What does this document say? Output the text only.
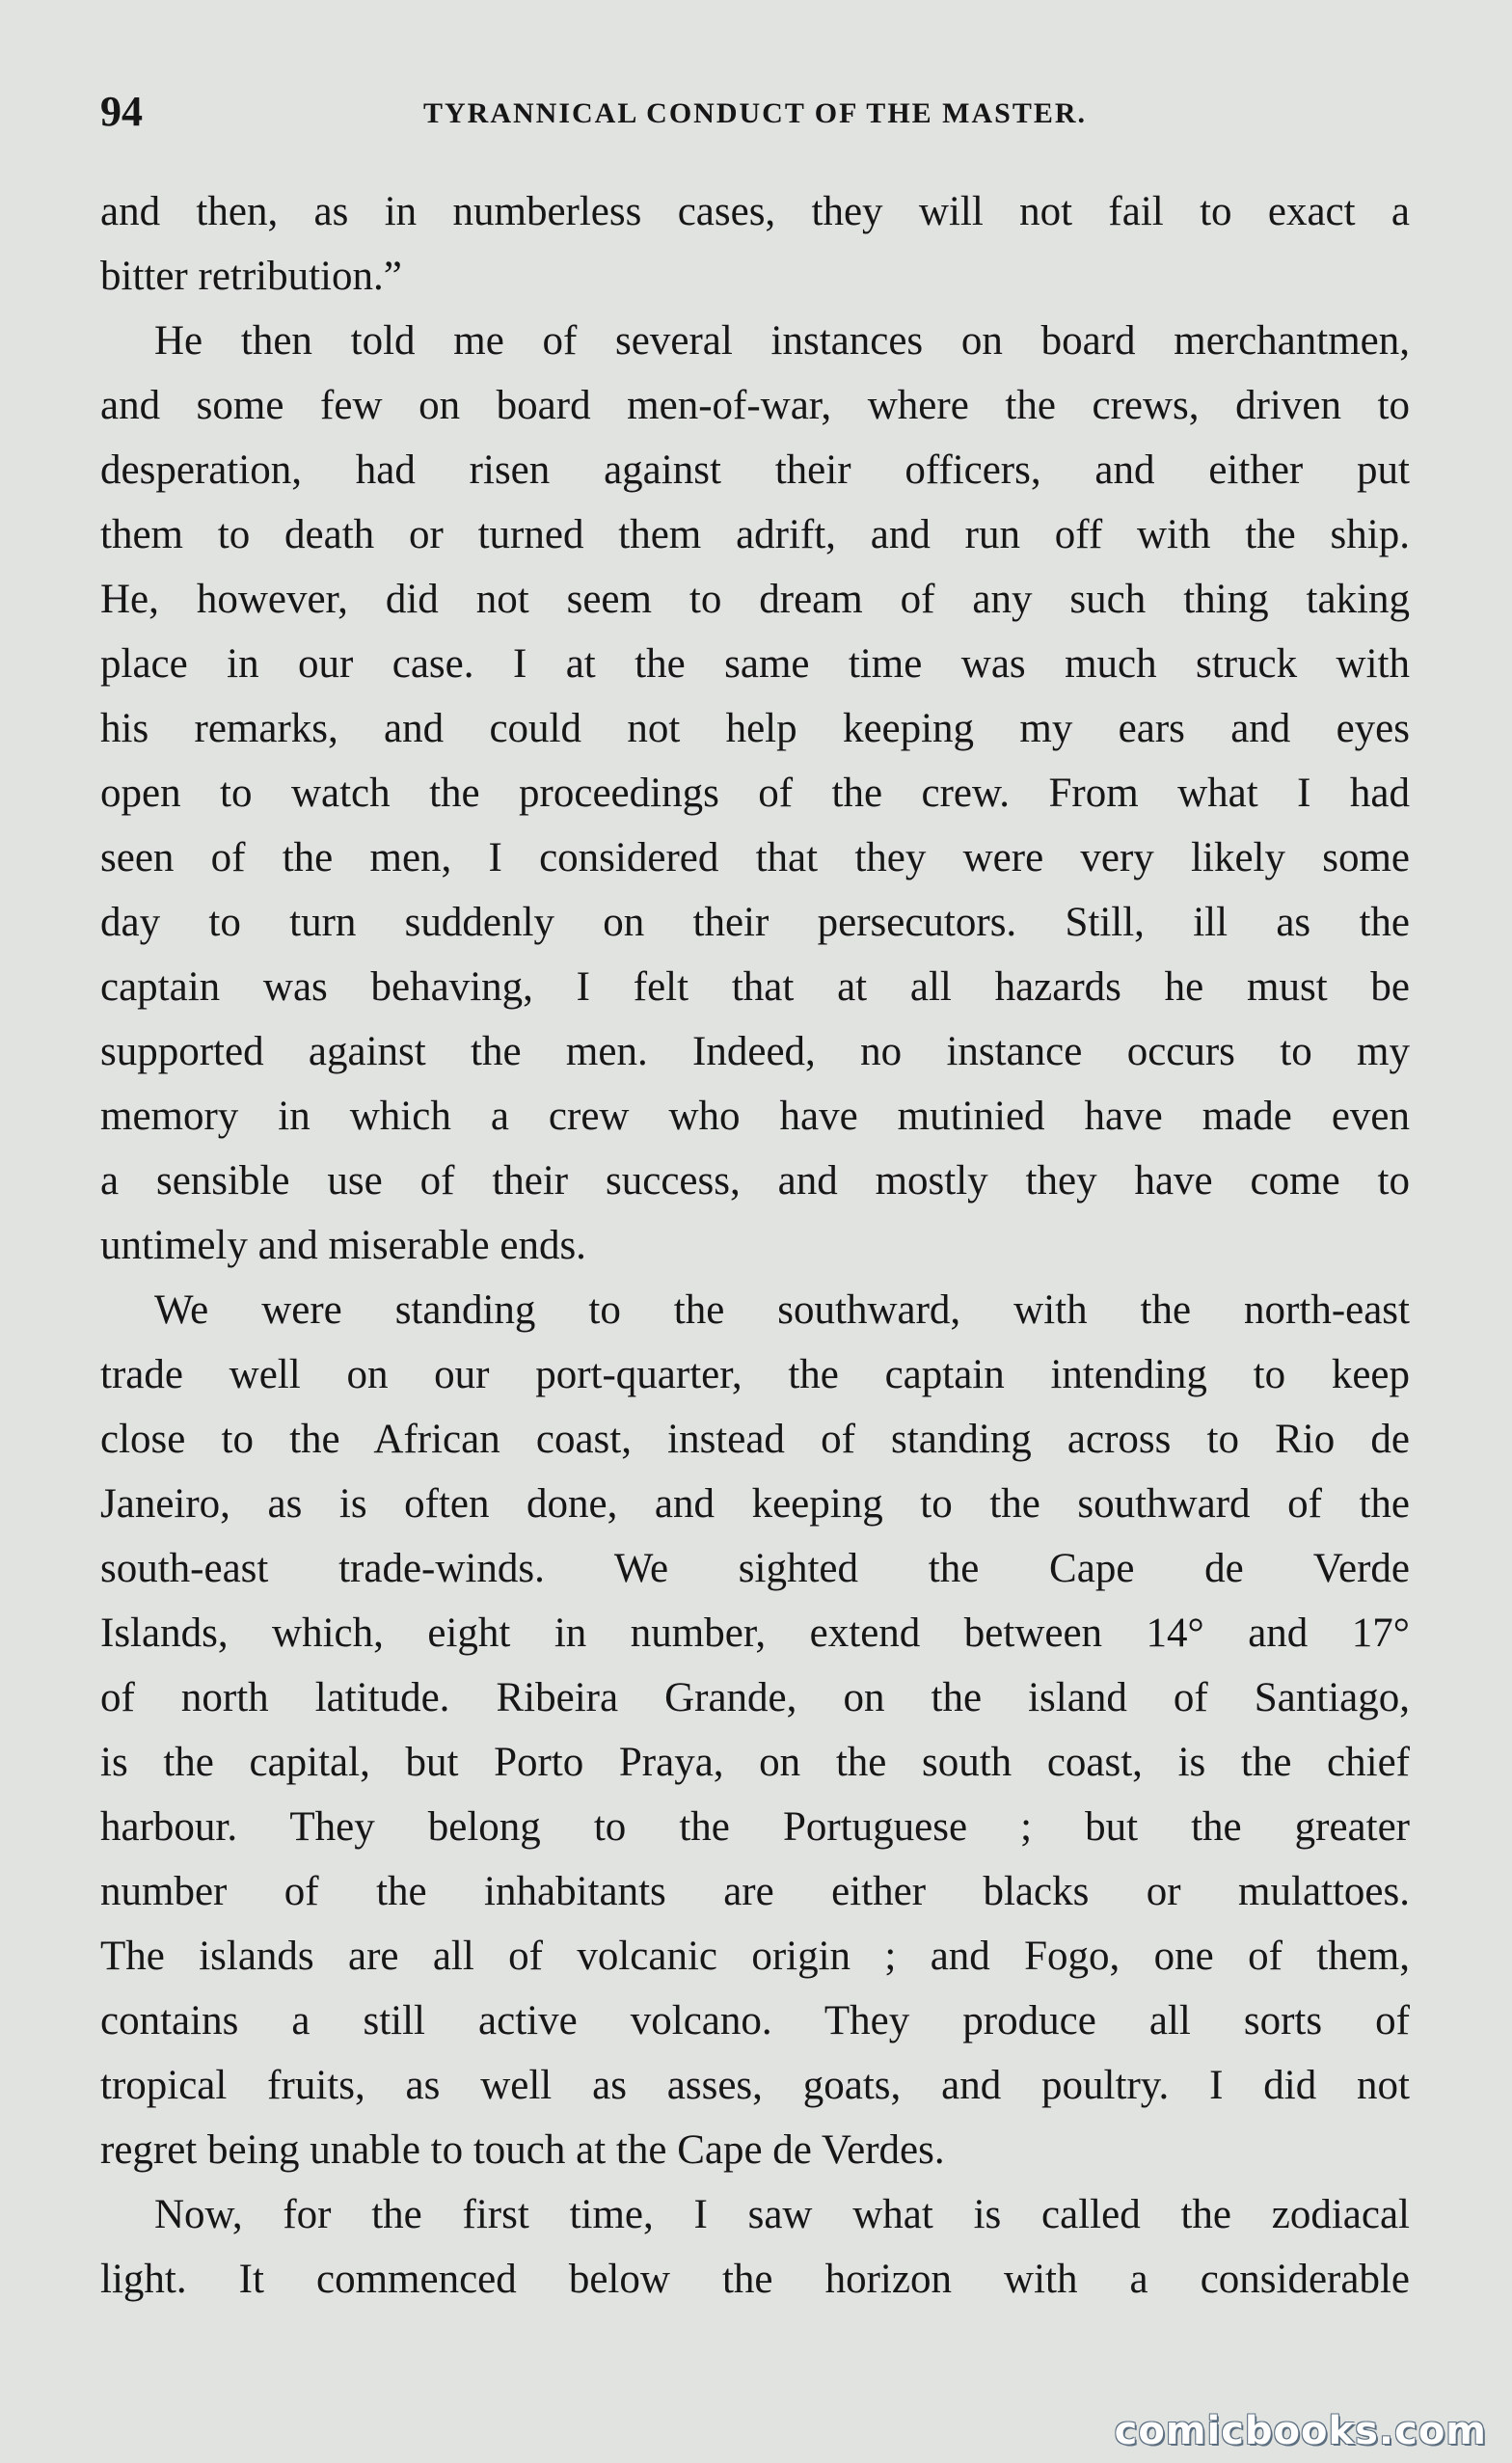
94	TYRANNICAL CONDUCT OF THE MASTER.
and then, as in numberless cases, they will not fail to exact a
bitter retribution.”
He then told me of several instances on board merchantmen,
and some few on board men-of-war, where the crews, driven to
desperation, had risen against their officers, and either put
them to death or turned them adrift, and run off with the ship.
He, however, did not seem to dream of any such thing taking
place in our case. I at the same time was much struck with
his remarks, and could not help keeping my ears and eyes
open to watch the proceedings of the crew. From what I had
seen of the men, I considered that they were very likely some
day to turn suddenly on their persecutors. Still, ill as the
captain was behaving, I felt that at all hazards he must be
supported against the men. Indeed, no instance occurs to my
memory in which a crew who have mutinied have made even
a sensible use of their success, and mostly they have come to
untimely and miserable ends.
We were standing to the southward, with the north-east
trade well on our port-quarter, the captain intending to keep
close to the African coast, instead of standing across to Rio de
Janeiro, as is often done, and keeping to the southward of the
south-east trade-winds. We sighted the Cape de Verde
Islands, which, eight in number, extend between 14° and 17°
of north latitude. Ribeira Grande, on the island of Santiago,
is the capital, but Porto Praya, on the south coast, is the chief
harbour. They belong to the Portuguese ; but the greater
number of the inhabitants are either blacks or mulattoes.
The islands are all of volcanic origin ; and Fogo, one of them,
contains a still active volcano. They produce all sorts of
tropical fruits, as well as asses, goats, and poultry. I did not
regret being unable to touch at the Cape de Verdes.
Now, for the first time, I saw what is called the zodiacal
light. It commenced below the horizon with a considerable
comicbooks.com
